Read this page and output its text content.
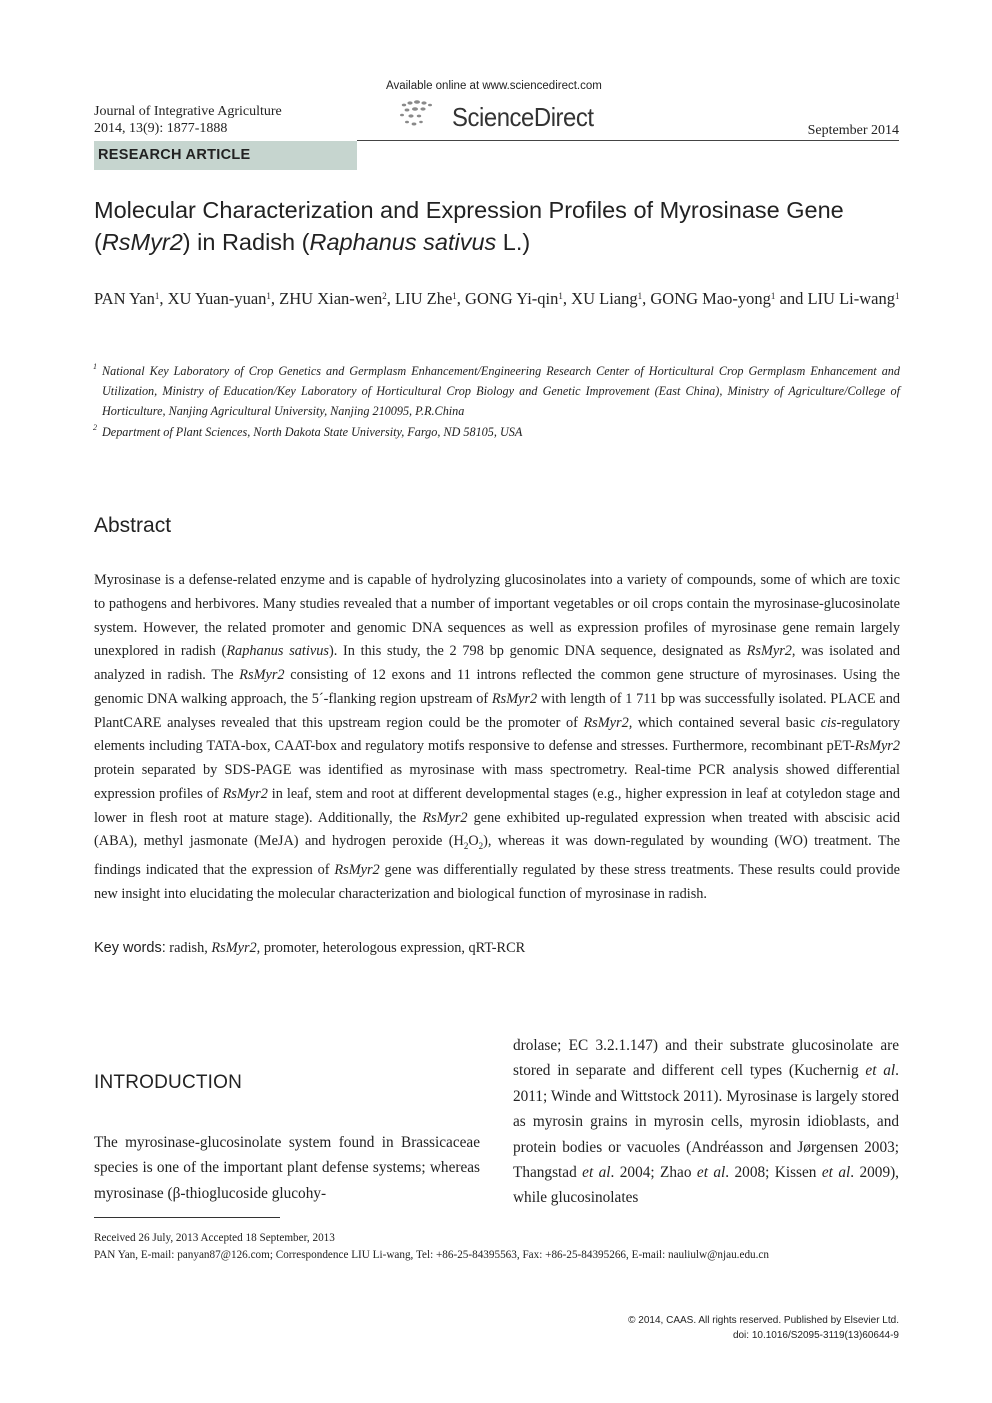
Journal of Integrative Agriculture
2014, 13(9): 1877-1888
Available online at www.sciencedirect.com
ScienceDirect	September 2014
RESEARCH ARTICLE
Molecular Characterization and Expression Profiles of Myrosinase Gene (RsMyr2) in Radish (Raphanus sativus L.)
PAN Yan$^1$, XU Yuan-yuan$^1$, ZHU Xian-wen$^2$, LIU Zhe$^1$, GONG Yi-qin$^1$, XU Liang$^1$, GONG Mao-yong$^1$ and LIU Li-wang$^1$
1 National Key Laboratory of Crop Genetics and Germplasm Enhancement/Engineering Research Center of Horticultural Crop Germplasm Enhancement and Utilization, Ministry of Education/Key Laboratory of Horticultural Crop Biology and Genetic Improvement (East China), Ministry of Agriculture/College of Horticulture, Nanjing Agricultural University, Nanjing 210095, P.R.China
2 Department of Plant Sciences, North Dakota State University, Fargo, ND 58105, USA
Abstract
Myrosinase is a defense-related enzyme and is capable of hydrolyzing glucosinolates into a variety of compounds, some of which are toxic to pathogens and herbivores. Many studies revealed that a number of important vegetables or oil crops contain the myrosinase-glucosinolate system. However, the related promoter and genomic DNA sequences as well as expression profiles of myrosinase gene remain largely unexplored in radish (Raphanus sativus). In this study, the 2 798 bp genomic DNA sequence, designated as RsMyr2, was isolated and analyzed in radish. The RsMyr2 consisting of 12 exons and 11 introns reflected the common gene structure of myrosinases. Using the genomic DNA walking approach, the 5´-flanking region upstream of RsMyr2 with length of 1 711 bp was successfully isolated. PLACE and PlantCARE analyses revealed that this upstream region could be the promoter of RsMyr2, which contained several basic cis-regulatory elements including TATA-box, CAAT-box and regulatory motifs responsive to defense and stresses. Furthermore, recombinant pET-RsMyr2 protein separated by SDS-PAGE was identified as myrosinase with mass spectrometry. Real-time PCR analysis showed differential expression profiles of RsMyr2 in leaf, stem and root at different developmental stages (e.g., higher expression in leaf at cotyledon stage and lower in flesh root at mature stage). Additionally, the RsMyr2 gene exhibited up-regulated expression when treated with abscisic acid (ABA), methyl jasmonate (MeJA) and hydrogen peroxide $(H_2O_2)$, whereas it was down-regulated by wounding (WO) treatment. The findings indicated that the expression of RsMyr2 gene was differentially regulated by these stress treatments. These results could provide new insight into elucidating the molecular characterization and biological function of myrosinase in radish.
Key words: radish, RsMyr2, promoter, heterologous expression, qRT-RCR
INTRODUCTION
The myrosinase-glucosinolate system found in Brassicaceae species is one of the important plant defense systems; whereas myrosinase (β-thioglucoside glucohy-
drolase; EC 3.2.1.147) and their substrate glucosinolate are stored in separate and different cell types (Kuchernig et al. 2011; Winde and Wittstock 2011). Myrosinase is largely stored as myrosin grains in myrosin cells, myrosin idioblasts, and protein bodies or vacuoles (Andréasson and Jørgensen 2003; Thangstad et al. 2004; Zhao et al. 2008; Kissen et al. 2009), while glucosinolates
Received 26 July, 2013 Accepted 18 September, 2013
PAN Yan, E-mail: panyan87@126.com; Correspondence LIU Li-wang, Tel: +86-25-84395563, Fax: +86-25-84395266, E-mail: nauliulw@njau.edu.cn
© 2014, CAAS. All rights reserved. Published by Elsevier Ltd.
doi: 10.1016/S2095-3119(13)60644-9
